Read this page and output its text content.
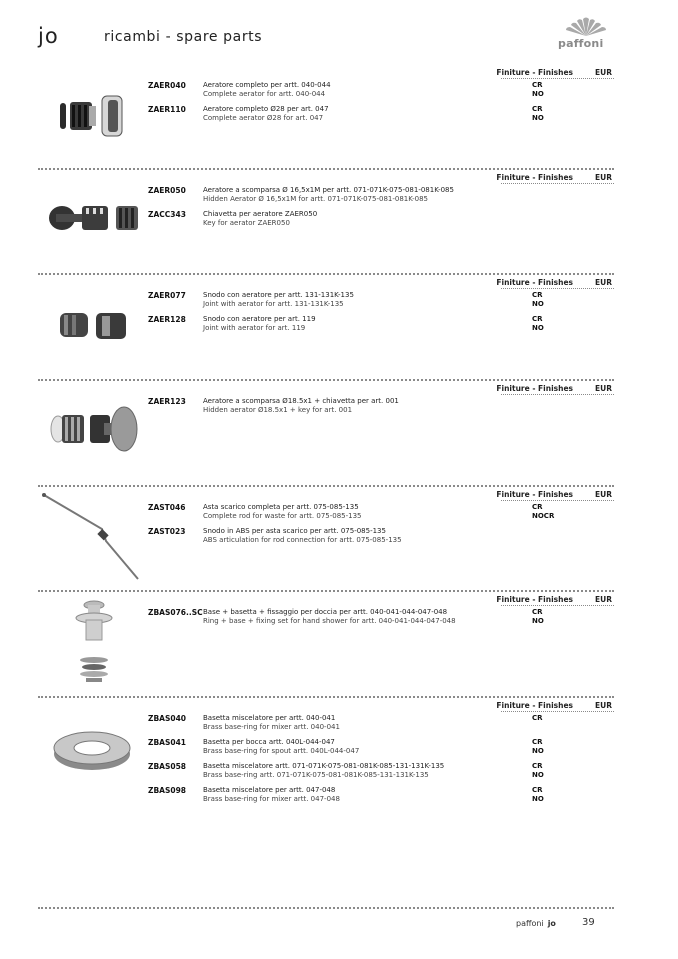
jo	ricambi - spare parts	paffoni
Finiture - Finishes	EUR
ZAER040 Aeratore completo per artt. 040-044
Complete aerator for artt. 040-044
CR
NO
ZAER110 Aeratore completo Ø28 per art. 047
Complete aerator Ø28 for art. 047
CR
NO
Finiture - Finishes	EUR
ZAER050 Aeratore a scomparsa Ø 16,5x1M per artt. 071-071K-075-081-081K-085
Hidden Aerator Ø 16,5x1M for artt. 071-071K-075-081-081K-085
ZACC343 Chiavetta per aeratore ZAER050
Key for aerator ZAER050
Finiture - Finishes	EUR
ZAER077 Snodo con aeratore per artt. 131-131K-135
Joint with aerator for artt. 131-131K-135
CR
NO
ZAER128 Snodo con aeratore per art. 119
Joint with aerator for art. 119
CR
NO
Finiture - Finishes	EUR
ZAER123 Aeratore a scomparsa Ø18.5x1 + chiavetta per art. 001
Hidden aerator Ø18.5x1 + key for art. 001
Finiture - Finishes	EUR
ZAST046	Asta scarico completa per artt. 075-085-135
Complete rod for waste for artt. 075-085-135
CR
NOCR
ZAST023	Snodo in ABS per asta scarico per artt. 075-085-135
ABS articulation for rod connection for artt. 075-085-135
Finiture - Finishes	EUR
ZBAS076..SC Base + basetta + fissaggio per doccia per artt. 040-041-044-047-048
Ring + base + fixing set for hand shower for artt. 040-041-044-047-048
CR
NO
Finiture - Finishes	EUR
ZBAS040 Basetta miscelatore per artt. 040-041
Brass base-ring for mixer artt. 040-041
CR
ZBAS041 Basetta per bocca artt. 040L-044-047
Brass base-ring for spout artt. 040L-044-047
CR
NO
ZBAS058 Basetta miscelatore artt. 071-071K-075-081-081K-085-131-131K-135
Brass base-ring artt. 071-071K-075-081-081K-085-131-131K-135
CR
NO
ZBAS098 Basetta miscelatore per artt. 047-048
Brass base-ring for mixer artt. 047-048
CR
NO
paffoni jo	39
